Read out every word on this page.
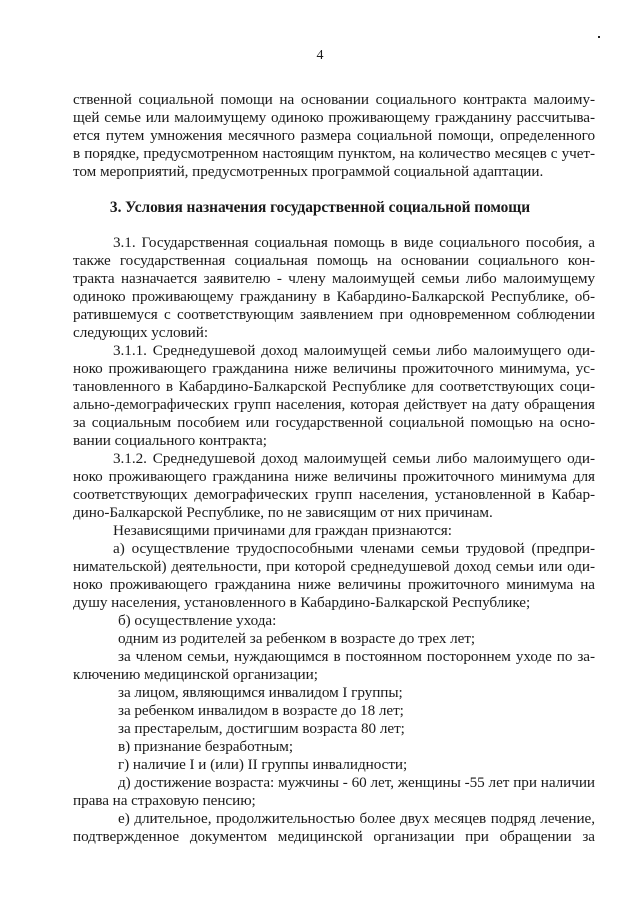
4
ственной социальной помощи на основании социального контракта малоиму-
щей семье или малоимущему одиноко проживающему гражданину рассчитыва-
ется путем умножения месячного размера социальной помощи, определенного
в порядке, предусмотренном настоящим пунктом, на количество месяцев с учет-
том мероприятий, предусмотренных программой социальной адаптации.
3. Условия назначения государственной социальной помощи
3.1. Государственная социальная помощь в виде социального пособия, а
также государственная социальная помощь на основании социального кон-
тракта назначается заявителю - члену малоимущей семьи либо малоимущему
одиноко проживающему гражданину в Кабардино-Балкарской Республике, об-
ратившемуся с соответствующим заявлением при одновременном соблюдении
следующих условий:
3.1.1. Среднедушевой доход малоимущей семьи либо малоимущего оди-
ноко проживающего гражданина ниже величины прожиточного минимума, ус-
тановленного в Кабардино-Балкарской Республике для соответствующих соци-
ально-демографических групп населения, которая действует на дату обращения
за социальным пособием или государственной социальной помощью на осно-
вании социального контракта;
3.1.2. Среднедушевой доход малоимущей семьи либо малоимущего оди-
ноко проживающего гражданина ниже величины прожиточного минимума для
соответствующих демографических групп населения, установленной в Кабар-
дино-Балкарской Республике, по не зависящим от них причинам.
Независящими причинами для граждан признаются:
а) осуществление трудоспособными членами семьи трудовой (предпри-
нимательской) деятельности, при которой среднедушевой доход семьи или оди-
ноко проживающего гражданина ниже величины прожиточного минимума на
душу населения, установленного в Кабардино-Балкарской Республике;
б) осуществление ухода:
одним из родителей за ребенком в возрасте до трех лет;
за членом семьи, нуждающимся в постоянном постороннем уходе по за-
ключению медицинской организации;
за лицом, являющимся инвалидом I группы;
за ребенком инвалидом в возрасте до 18 лет;
за престарелым, достигшим возраста 80 лет;
в) признание безработным;
г) наличие I и (или) II группы инвалидности;
д) достижение возраста: мужчины - 60 лет, женщины -55 лет при наличии
права на страховую пенсию;
е) длительное, продолжительностью более двух месяцев подряд лечение,
подтвержденное документом медицинской организации при обращении за
